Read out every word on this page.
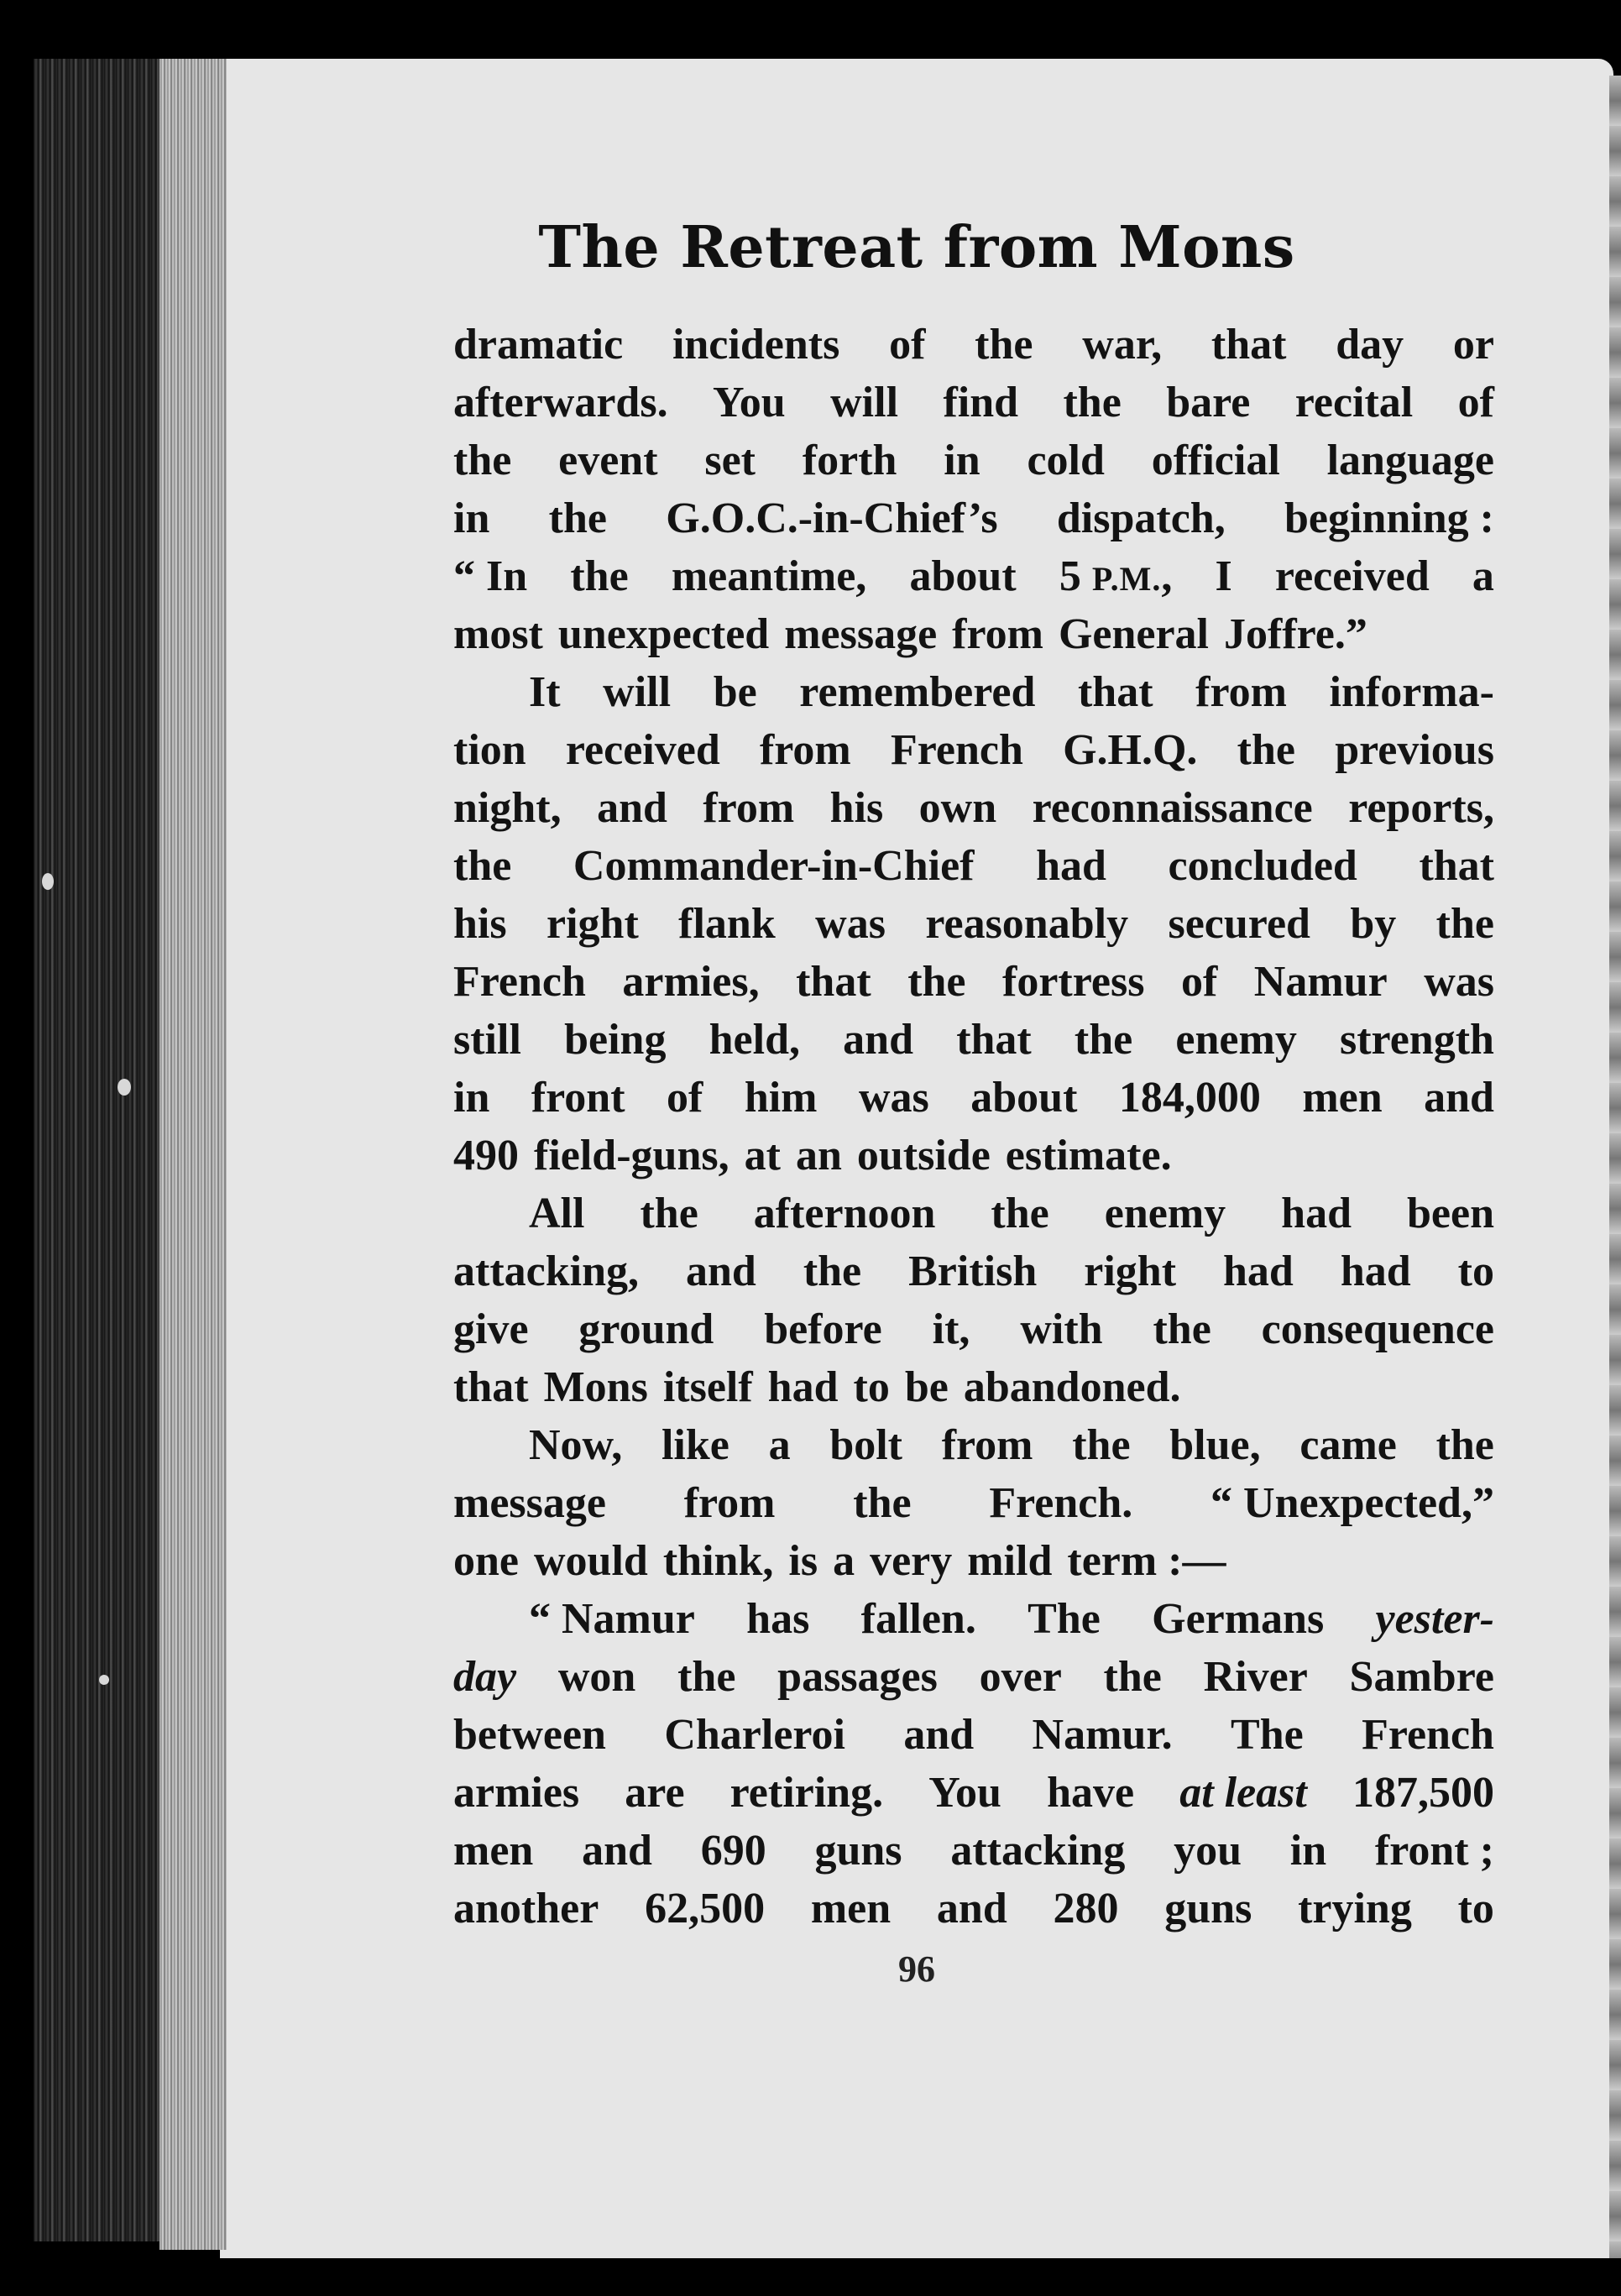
The Retreat from Mons
dramatic incidents of the war, that day or
afterwards. You will find the bare recital of
the event set forth in cold official language
in the G.O.C.-in-Chief’s dispatch, beginning :
“ In the meantime, about 5 P.M., I received a
most unexpected message from General Joffre.”
It will be remembered that from informa-
tion received from French G.H.Q. the previous
night, and from his own reconnaissance reports,
the Commander-in-Chief had concluded that
his right flank was reasonably secured by the
French armies, that the fortress of Namur was
still being held, and that the enemy strength
in front of him was about 184,000 men and
490 field-guns, at an outside estimate.
All the afternoon the enemy had been
attacking, and the British right had had to
give ground before it, with the consequence
that Mons itself had to be abandoned.
Now, like a bolt from the blue, came the
message from the French. “ Unexpected,”
one would think, is a very mild term :—
“ Namur has fallen. The Germans yester-
day won the passages over the River Sambre
between Charleroi and Namur. The French
armies are retiring. You have at least 187,500
men and 690 guns attacking you in front ;
another 62,500 men and 280 guns trying to
96
